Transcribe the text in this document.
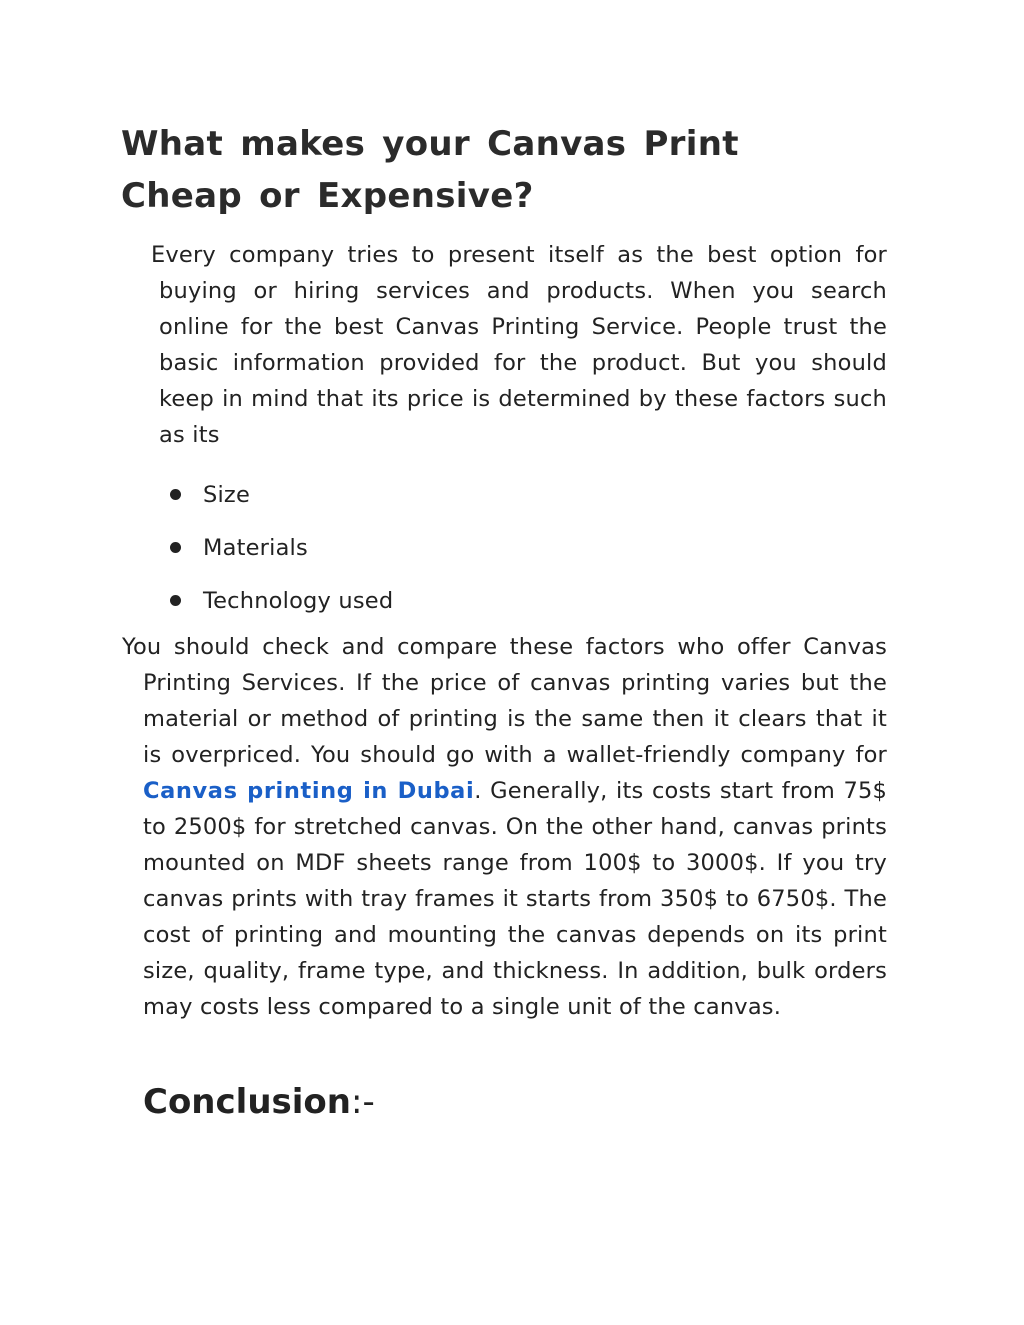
What makes your Canvas Print Cheap or Expensive?

Every company tries to present itself as the best option for buying or hiring services and products. When you search online for the best Canvas Printing Service. People trust the basic information provided for the product. But you should keep in mind that its price is determined by these factors such as its

Size
Materials
Technology used

You should check and compare these factors who offer Canvas Printing Services. If the price of canvas printing varies but the material or method of printing is the same then it clears that it is overpriced. You should go with a wallet-friendly company for Canvas printing in Dubai. Generally, its costs start from 75$ to 2500$ for stretched canvas. On the other hand, canvas prints mounted on MDF sheets range from 100$ to 3000$. If you try canvas prints with tray frames it starts from 350$ to 6750$. The cost of printing and mounting the canvas depends on its print size, quality, frame type, and thickness. In addition, bulk orders may costs less compared to a single unit of the canvas.

Conclusion:-
